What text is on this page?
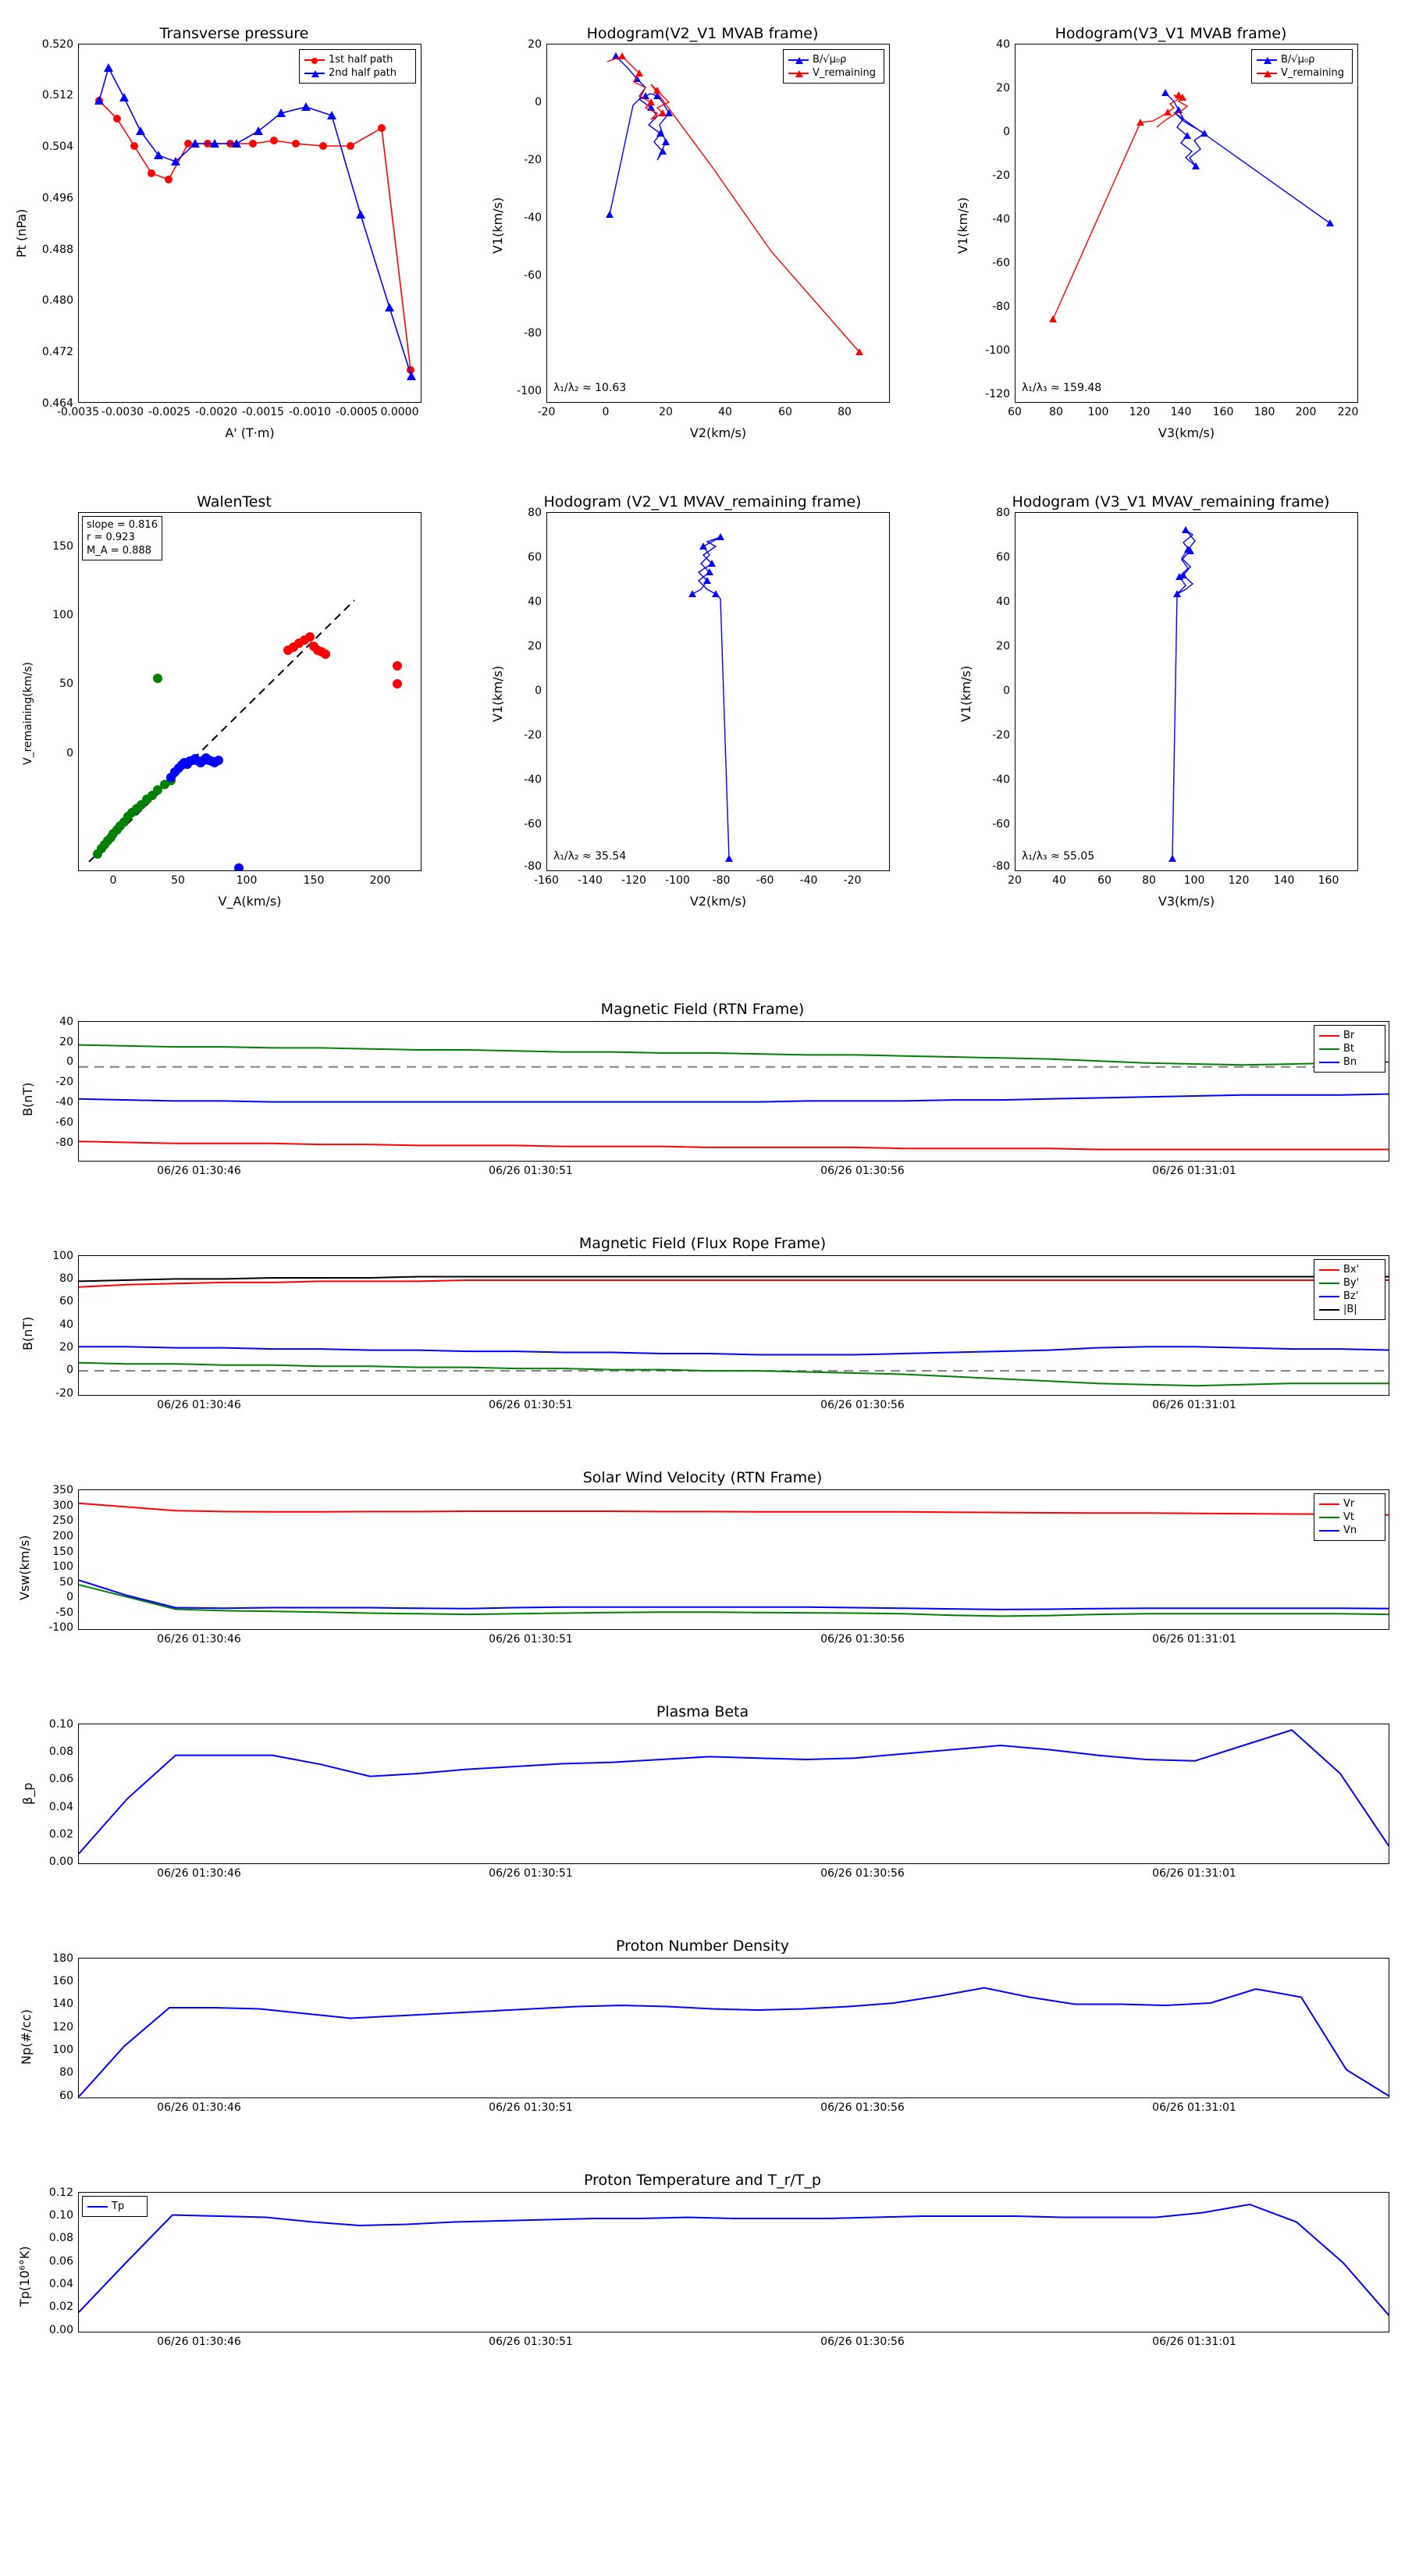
Transverse pressure
1st half path
2nd half path
0.520
0.512
0.504
0.496
0.488
0.480
0.472
0.464
-0.0035 -0.0030 -0.0025 -0.0020 -0.0015 -0.0010 -0.0005 0.0000
A' (T·m)
Pt (nPa)
Hodogram(V2_V1 MVAB frame)
B/√μ₀ρ
V_remaining
λ₁/λ₂ ≈ 10.63
20
0
-20
-40
-60
-80
-100
-20	0	20	40	60	80
V2(km/s)
V1(km/s)
Hodogram(V3_V1 MVAB frame)
B/√μ₀ρ
V_remaining
λ₁/λ₃ ≈ 159.48
40
20
0
-20
-40
-60
-80
-100
-120
60	80	100	120	140	160	180	200	220
V3(km/s)
V1(km/s)
WalenTest
slope = 0.816
r = 0.923
M_A = 0.888
150
100
50
0
0	50	100	150	200
V_A(km/s)
V_remaining(km/s)
Hodogram (V2_V1 MVAV_remaining frame)
λ₁/λ₂ ≈ 35.54
80
60
40
20
0
-20
-40
-60
-80
-160 -140 -120 -100	-80	-60	-40	-20
V2(km/s)
V1(km/s)
Hodogram (V3_V1 MVAV_remaining frame)
λ₁/λ₃ ≈ 55.05
80
60
40
20
0
-20
-40
-60
-80
20	40	60	80	100	120	140	160
V3(km/s)
V1(km/s)
Magnetic Field (RTN Frame)
Br
Bt
Bn
40
20
0
-20
-40
-60
-80
B(nT)
06/26 01:30:46	06/26 01:30:51	06/26 01:30:56	06/26 01:31:01
Magnetic Field (Flux Rope Frame)
Bx'
By'
Bz'
|B|
100
80
60
40
20
0
-20
B(nT)
06/26 01:30:46	06/26 01:30:51	06/26 01:30:56	06/26 01:31:01
Solar Wind Velocity (RTN Frame)
Vr
Vt
Vn
350
300
250
200
150
100
50
0
-50
-100
Vsw(km/s)
06/26 01:30:46	06/26 01:30:51	06/26 01:30:56	06/26 01:31:01
Plasma Beta
0.10
0.08
0.06
0.04
0.02
0.00
β_p
06/26 01:30:46	06/26 01:30:51	06/26 01:30:56	06/26 01:31:01
Proton Number Density
180
160
140
120
100
80
60
Np(#/cc)
06/26 01:30:46	06/26 01:30:51	06/26 01:30:56	06/26 01:31:01
Proton Temperature and T_r/T_p
Tp
0.12
0.10
0.08
0.06
0.04
0.02
0.00
Tp(10⁶°K)
06/26 01:30:46	06/26 01:30:51	06/26 01:30:56	06/26 01:31:01
